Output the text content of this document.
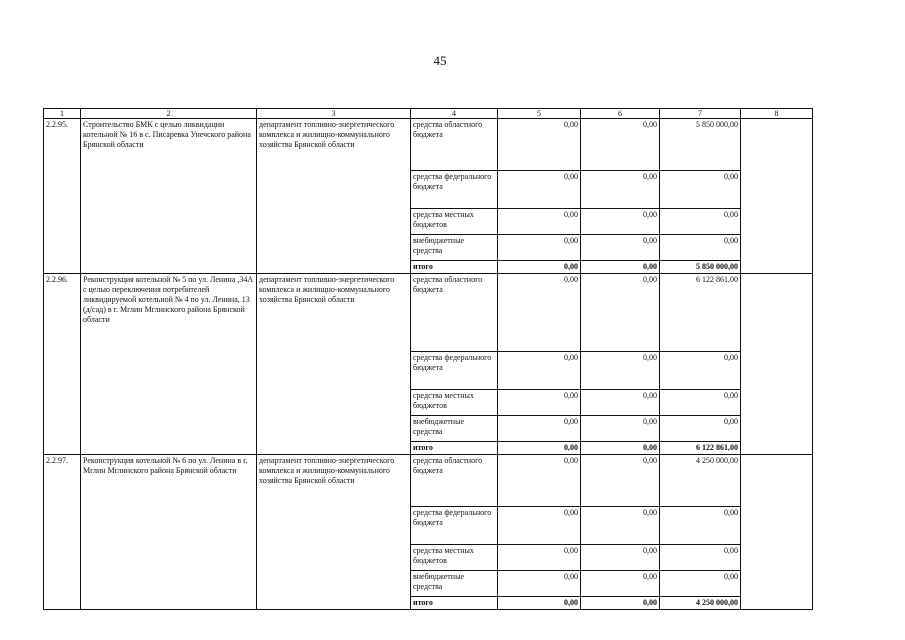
45
1	2	3	4	5	6	7	8
2.2.95.	Строительство БМК с целью ликвидации котельной № 16 в с. Писаревка Унечского района Брянской области	департамент топливно-энергетического комплекса и жилищно-коммунального хозяйства Брянской области	средства областного бюджета	0,00	0,00	5 850 000,00	
			средства федерального бюджета	0,00	0,00	0,00	
			средства местных бюджетов	0,00	0,00	0,00	
			внебюджетные средства	0,00	0,00	0,00	
			итого	0,00	0,00	5 850 000,00	
2.2.96.	Реконструкция котельной № 5 по ул. Ленина ,34А с целью переключения потребителей ликвидируемой котельной № 4 по ул. Ленина, 13 (д/сад) в г. Мглин Мглинского района Брянской области	департамент топливно-энергетического комплекса и жилищно-коммунального хозяйства Брянской области	средства областного бюджета	0,00	0,00	6 122 861,00	
			средства федерального бюджета	0,00	0,00	0,00	
			средства местных бюджетов	0,00	0,00	0,00	
			внебюджетные средства	0,00	0,00	0,00	
			итого	0,00	0,00	6 122 861,00	
2.2.97.	Реконструкция котельной № 6 по ул. Ленина в г. Мглин Мглинского района Брянской области	департамент топливно-энергетического комплекса и жилищно-коммунального хозяйства Брянской области	средства областного бюджета	0,00	0,00	4 250 000,00	
			средства федерального бюджета	0,00	0,00	0,00	
			средства местных бюджетов	0,00	0,00	0,00	
			внебюджетные средства	0,00	0,00	0,00	
			итого	0,00	0,00	4 250 000,00	
